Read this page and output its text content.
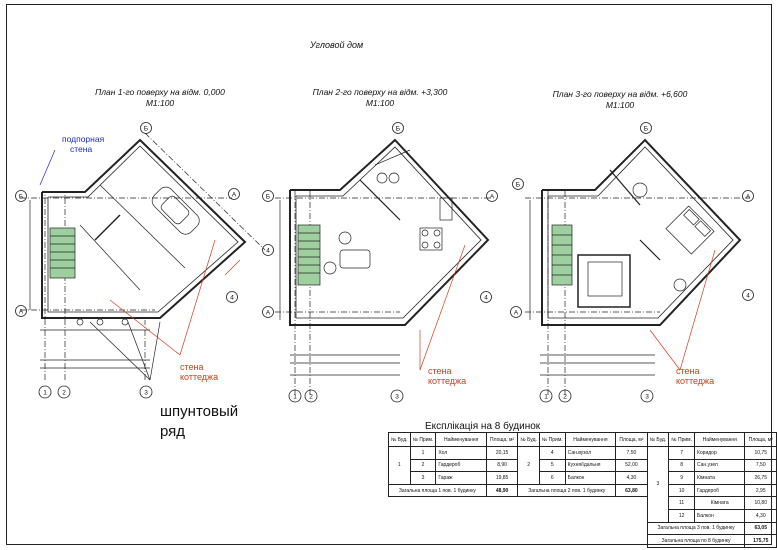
Угловой дом
План 1-го поверху на відм. 0,000
М1:100
План 2-го поверху на відм. +3,300
М1:100
План 3-го поверху на відм. +6,600
М1:100
Б
А
Б
А
4
4
1 2	3
Б
А
Б
А
4
1 2	3
Б
А
Б
А
4
1 2	3
подпорная
стена
стена
коттеджа
стена
коттеджа
стена
коттеджа
шпунтовый
ряд	Експлікація на 8 будинок
№ Буд.	№ Прим.	Найменування	Площа, м²	№ Буд.	№ Прим.	Найменування	Площа, м²	№ Буд.	№ Прим.	Найменування	Площа, м²
1	1	Хол	20,15	2	4	Сан.вузол	7,50	3	7	Коридор	10,75
	2	Гардероб	8,90		5	Кухня/їдальня	52,00		8	Сан.узел	7,50
	3	Гараж	19,85		6	Балкон	4,30		9	Кімната	26,75
Загальна площа 1 пов. 1 будинку			48,90	Загальна площа 2 пов. 1 будинку			63,80		10	Гардероб	2,95
									11	Кімната	10,80
									12	Балкон	4,30
								Загальна площа 3 пов. 1 будинку			63,05
								Загальна площа по 8 будинку			175,75
